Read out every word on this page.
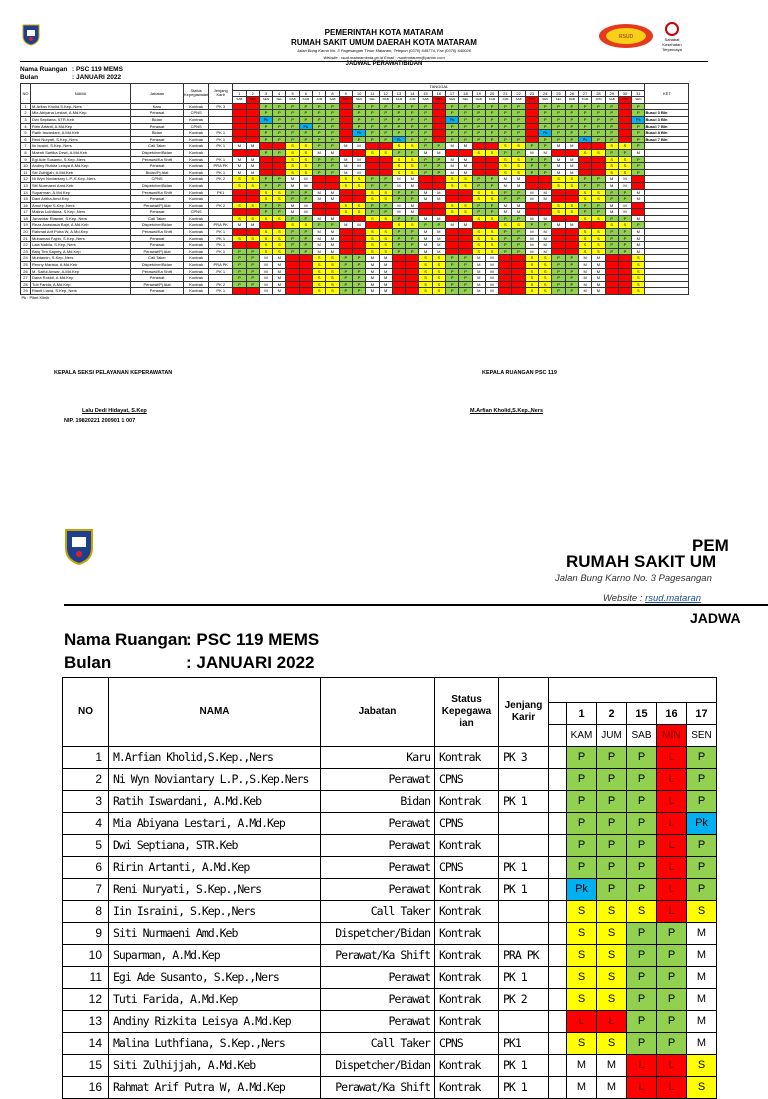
PEMERINTAH KOTA MATARAM
RUMAH SAKIT UMUM DAERAH KOTA MATARAM
Jalan Bung Karno No. 3 Pagesangan Timur Mataram, Telepon (0370) 649774, Fax (0370) 640026
Website : rsud.mataramkota.go.id Email : rsudmataram@yahoo.com
RSUD	Sahabat Kesehatan Terpercaya
JADWAL PERAWAT/BIDAN
Nama Ruangan : PSC 119 MEMS
Bulan	: JANUARI 2022
NO	NAMA	Jabatan	Status Kepegawaian	Jenjang Karir	TANGGAL																															KET
					1	2	3	4	5	6	7	8	9	10	11	12	13	14	15	16	17	18	19	20	21	22	23	24	25	26	27	28	29	30	31	
					SAB	MIN	SEN	SEL	RAB	KAM	JUM	SAB	MIN	SEN	SEL	RAB	KAM	JUM	SAB	MIN	SEN	SEL	RAB	KAM	JUM	SAB	MIN	SEN	SEL	RAB	KAM	JUM	SAB	MIN	SEN	
1	M.Arfian Kholid,S.Kep.,Ners	Karu	Kontrak	PK 3	L	L	P	P	P	P	P	P	L	P	P	P	P	P	P	L	P	P	P	P	P	P	L	P	P	P	P	P	P	L	P	
2	Mia Abiyana Lestari, A.Md.Kep	Perawat	CPNS		L	L	P	P	P	P	P	P	L	P	P	P	P	P	P	L	P	P	P	P	P	P	L	P	P	P	P	P	P	L	P	Busui 3 Bln
3	Dwi Septiana, STR.Keb	Bidan	Kontrak		L	L	Pk	P	P	P	P	P	L	P	P	P	P	P	P	L	Pk	P	P	P	P	P	L	P	P	P	P	P	P	L	Pk	Busui 3 Bln
4	Ririn Artanti, A.Md.Kep	Perawat	CPNS		L	L	P	P	P	Pk	P	P	L	P	P	P	P	P	P	L	P	P	P	P	P	P	L	P	P	P	P	P	P	L	P	Busui 7 Bln
5	Ratih Iswardani, A.Md.Keb	Bidan	Kontrak	PK 1	L	L	P	P	P	P	P	P	L	Pk	P	P	P	P	P	L	P	P	P	P	P	P	L	Pk	P	P	P	P	P	L	P	Busui 8 Bln
6	Reni Nuryati, S.Kep.,Ners	Perawat	Kontrak	PK 1	L	L	P	P	P	P	P	P	L	P	P	P	Pk	P	P	L	P	P	P	P	P	P	L	P	P	P	Pk	P	P	L	P	Busui 7 Bln
7	Iin Israini, S.Kep.,Ners	Call Taker	Kontrak	PK 1	M	M	L	L	S	S	P	P	M	M	L	L	S	S	P	P	M	M	L	L	S	S	P	P	M	M	L	L	S	S	P	
8	Maenti Sartika Dewi, A.Md.Keb	Dispetcher/Bidan	Kontrak		L	L	P	P	S	S	M	M	L	L	S	S	P	P	M	M	L	L	S	S	P	P	M	M	L	L	S	S	P	P	M	
9	Egi Ade Susanto, S.Kep.,Ners	Perawat/Ka Shift	Kontrak	PK 1	M	M	L	L	S	S	P	P	M	M	L	L	S	S	P	P	M	M	L	L	S	S	P	P	M	M	L	L	S	S	P	
10	Andiny Rizkita Leisya A.Md.Kep	Perawat	Kontrak	PRA PK	M	M	L	L	S	S	P	P	M	M	L	L	S	S	P	P	M	M	L	L	S	S	P	P	M	M	L	L	S	S	P	
11	Siti Zulhijjah, A.Md.Keb	Bidan/Pj Alat	Kontrak	PK 1	M	M	L	L	S	S	P	P	M	M	L	L	S	S	P	P	M	M	L	L	S	S	P	P	M	M	L	L	S	S	P	
12	Ni Wyn Noviantary L.P.,S.Kep.,Ners	CPNS	Kontrak	PK 2	S	S	P	P	M	M	L	L	S	S	P	P	M	M	L	L	S	S	P	P	M	M	L	L	S	S	P	P	M	M	L	
13	Siti Nurmaeni Amd.Keb	Dispetcher/Bidan	Kontrak		S	S	P	P	M	M	L	L	S	S	P	P	M	M	L	L	S	S	P	P	M	M	L	L	S	S	P	P	M	M	L	
14	Suparman, A.Md.Kep	Perawat/Ka Shift	Kontrak	PK1	L	L	S	S	P	P	M	M	L	L	S	S	P	P	M	M	L	L	S	S	P	P	M	M	L	L	S	S	P	P	M	
15	Dani Aritha Amd.Kep	Perawat	Kontrak		L	L	S	S	P	P	M	M	L	L	S	S	P	P	M	M	L	L	S	S	P	P	M	M	L	L	S	S	P	P	M	
16	Amul Hajar S.Kep.,Ners	Perawat/Pj Alat	Kontrak	PK 2	S	S	P	P	M	M	L	L	S	S	P	P	M	M	L	L	S	S	P	P	M	M	L	L	S	S	P	P	M	M	L	
17	Malina Luthfiana, S.Kep.,Ners	Perawat	CPNS		L	L	P	P	M	M	L	L	S	S	P	P	M	M	L	L	S	S	P	P	M	M	L	L	S	S	P	P	M	M	L	
18	Junandar Riawan, S.Kep.,Ners	Call Taker	Kontrak		S	S	S	S	P	P	M	M	L	L	S	S	P	P	M	M	L	L	S	S	P	P	M	M	L	L	S	S	P	P	M	
19	Reza Anastasia Bajri, A.Md.Keb	Dispetcher/Bidan	Kontrak	PRA PK	M	M	L	L	S	S	P	P	M	M	L	L	S	S	P	P	M	M	L	L	S	S	P	P	M	M	L	L	S	S	P	
20	Rahmat Arif Putra W, A.Md.Kep	Perawat/Ka Shift	Kontrak	PK 1	L	L	S	S	P	P	M	M	L	L	S	S	P	P	M	M	L	L	S	S	P	P	M	M	L	L	S	S	P	P	M	
21	Muhamad Fajrin, S.Kep.,Ners	Perawat	Kontrak	PK 1	S	S	S	S	P	P	M	M	L	L	S	S	P	P	M	M	L	L	S	S	P	P	M	M	L	L	S	S	P	P	M	
22	Lala Nabila, S.Kep.,Ners	Perawat	Kontrak	PK 1	L	L	S	S	P	P	M	M	L	L	S	S	P	P	M	M	L	L	S	S	P	P	M	M	L	L	S	S	P	P	M	
23	Baiq Tira Sapnty, A.Md.Kep	Perawat/Pj Alat	Kontrak	PK 1	P	P	S	S	P	P	M	M	L	L	S	S	P	P	M	M	L	L	S	S	P	P	M	M	L	L	S	S	P	P	M	
24	Muhtamin, S.Kep.,Ners	Call Taker	Kontrak		P	P	M	M	L	L	S	S	P	P	M	M	L	L	S	S	P	P	M	M	L	L	S	S	P	P	M	M	L	L	S	
25	Renny Marista, A.Md.Keb	Dispetcher/Bidan	Kontrak	PRA PK	P	P	M	M	L	L	S	S	P	P	M	M	L	L	S	S	P	P	M	M	L	L	S	S	P	P	M	M	L	L	S	
26	M. Saiful Anwar, A.Md.Kep	Perawat/Ka Shift	Kontrak	PK 1	P	P	M	M	L	L	S	S	P	P	M	M	L	L	S	S	P	P	M	M	L	L	S	S	P	P	M	M	L	L	S	
27	Dana Rosidi, A.Md.Kep	Perawat	Kontrak		P	P	M	M	L	L	S	S	P	P	M	M	L	L	S	S	P	P	M	M	L	L	S	S	P	P	M	M	L	L	S	
28	Tuti Farida, A.Md.Kep	Perawat/Pj Alat	Kontrak	PK 2	P	P	M	M	L	L	S	S	P	P	M	M	L	L	S	S	P	P	M	M	L	L	S	S	P	P	M	M	L	L	S	
29	Rianti Liana, S.Kep.,Ners	Perawat	Kontrak	PK 1	L	L	M	M	L	L	S	S	P	P	M	M	L	L	S	S	P	P	M	M	L	L	S	S	P	P	M	M	L	L	S	
Pk : Piket Klinik																																				
KEPALA SEKSI PELAYANAN KEPERAWATAN
Lalu Dedi Hidayat, S.Kep
NIP. 19820221 200901 1 007
KEPALA RUANGAN PSC 119
M.Arfian Kholid,S.Kep.,Ners
PEM
RUMAH SAKIT UM
Jalan Bung Karno No. 3 Pagesangan
Website : rsud.mataran
JADWA
Nama Ruangan: PSC 119 MEMS
Bulan	: JANUARI 2022
NO	NAMA	Jabatan	Status Kepegawa ian	Jenjang Karir						
						1	2	15	16	17
						KAM	JUM	SAB	MIN	SEN
1	M.Arfian Kholid,S.Kep.,Ners	Karu	Kontrak	PK 3		P	P	P	L	P
2	Ni Wyn Noviantary L.P.,S.Kep.Ners	Perawat	CPNS			P	P	P	L	P
3	Ratih Iswardani, A.Md.Keb	Bidan	Kontrak	PK 1		P	P	P	L	P
4	Mia Abiyana Lestari, A.Md.Kep	Perawat	CPNS			P	P	P	L	Pk
5	Dwi Septiana, STR.Keb	Perawat	Kontrak			P	P	P	L	P
6	Ririn Artanti, A.Md.Kep	Perawat	CPNS	PK 1		P	P	P	L	P
7	Reni Nuryati, S.Kep.,Ners	Perawat	Kontrak	PK 1		Pk	P	P	L	P
8	Iin Israini, S.Kep.,Ners	Call Taker	Kontrak			S	S	S	L	S
9	Siti Nurmaeni Amd.Keb	Dispetcher/Bidan	Kontrak			S	S	P	P	M
10	Suparman, A.Md.Kep	Perawat/Ka Shift	Kontrak	PRA PK		S	S	P	P	M
11	Egi Ade Susanto, S.Kep.,Ners	Perawat	Kontrak	PK 1		S	S	P	P	M
12	Tuti Farida, A.Md.Kep	Perawat	Kontrak	PK 2		S	S	P	P	M
13	Andiny Rizkita Leisya A.Md.Kep	Perawat	Kontrak			L	L	P	P	M
14	Malina Luthfiana, S.Kep.,Ners	Call Taker	CPNS	PK1		S	S	P	P	M
15	Siti Zulhijjah, A.Md.Keb	Dispetcher/Bidan	Kontrak	PK 1		M	M	L	L	S
16	Rahmat Arif Putra W, A.Md.Kep	Perawat/Ka Shift	Kontrak	PK 1		M	M	L	L	S
